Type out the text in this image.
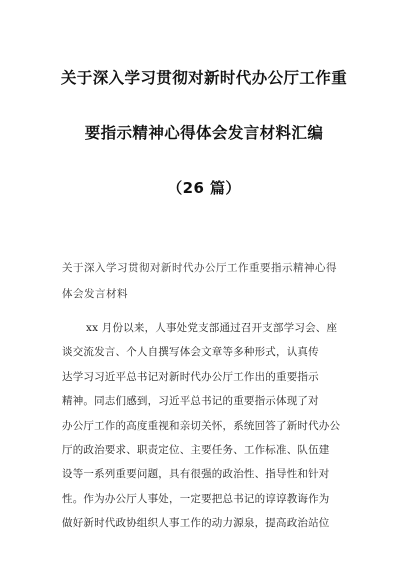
关于深入学习贯彻对新时代办公厅工作重
要指示精神心得体会发言材料汇编
（26 篇）
关于深入学习贯彻对新时代办公厅工作重要指示精神心得
体会发言材料
xx 月份以来，人事处党支部通过召开支部学习会、座
谈交流发言、个人自撰写体会文章等多种形式，认真传
达学习习近平总书记对新时代办公厅工作出的重要指示
精神。同志们感到，习近平总书记的重要指示体现了对
办公厅工作的高度重视和亲切关怀，系统回答了新时代办公
厅的政治要求、职责定位、主要任务、工作标准、队伍建
设等一系列重要问题，具有很强的政治性、指导性和针对
性。作为办公厅人事处，一定要把总书记的谆谆教诲作为
做好新时代政协组织人事工作的动力源泉，提高政治站位
